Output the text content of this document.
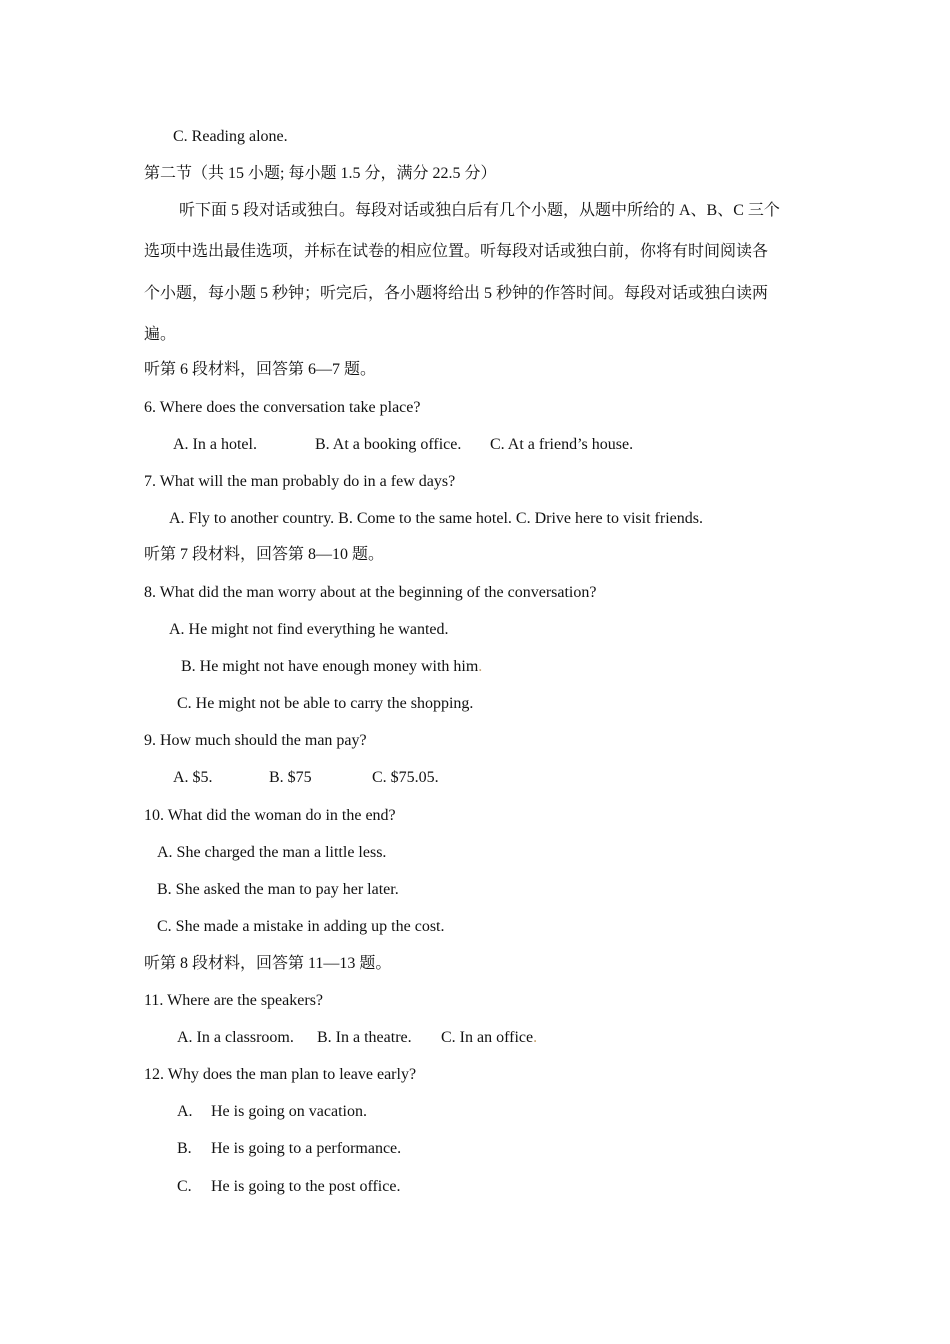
C. Reading alone.
第二节（共 15 小题; 每小题 1.5 分，满分 22.5 分）
听下面 5 段对话或独白。每段对话或独白后有几个小题，从题中所给的 A、B、C 三个
选项中选出最佳选项，并标在试卷的相应位置。听每段对话或独白前，你将有时间阅读各
个小题，每小题 5 秒钟；听完后，各小题将给出 5 秒钟的作答时间。每段对话或独白读两
遍。
听第 6 段材料，回答第 6—7 题。
6. Where does the conversation take place?
A. In a hotel.	B. At a booking office. C. At a friend’s house.
7. What will the man probably do in a few days?
A. Fly to another country. B. Come to the same hotel. C. Drive here to visit friends.
听第 7 段材料，回答第 8—10 题。
8. What did the man worry about at the beginning of the conversation?
A. He might not find everything he wanted.
B. He might not have enough money with him.
C. He might not be able to carry the shopping.
9. How much should the man pay?
A. $5.	B. $75	C. $75.05.
10. What did the woman do in the end?
A. She charged the man a little less.
B. She asked the man to pay her later.
C. She made a mistake in adding up the cost.
听第 8 段材料，回答第 11—13 题。
11. Where are the speakers?
A. In a classroom. B. In a theatre. C. In an office.
12. Why does the man plan to leave early?
A. He is going on vacation.
B. He is going to a performance.
C. He is going to the post office.
